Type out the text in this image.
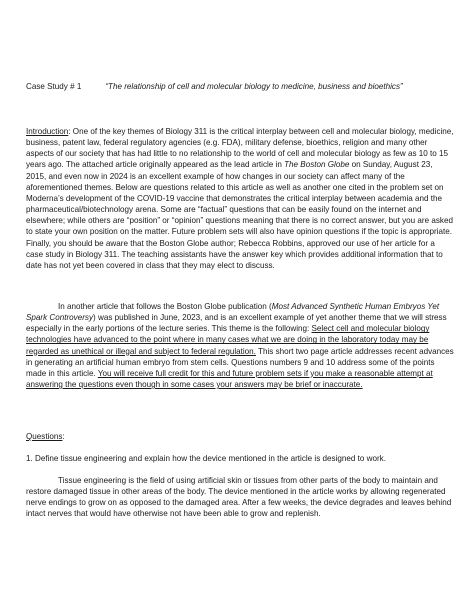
Case Study # 1	“The relationship of cell and molecular biology to medicine, business and bioethics”

Introduction: One of the key themes of Biology 311 is the critical interplay between cell and molecular biology, medicine, business, patent law, federal regulatory agencies (e.g. FDA), military defense, bioethics, religion and many other aspects of our society that has had little to no relationship to the world of cell and molecular biology as few as 10 to 15 years ago. The attached article originally appeared as the lead article in The Boston Globe on Sunday, August 23, 2015, and even now in 2024 is an excellent example of how changes in our society can affect many of the aforementioned themes. Below are questions related to this article as well as another one cited in the problem set on Moderna’s development of the COVID-19 vaccine that demonstrates the critical interplay between academia and the pharmaceutical/biotechnology arena. Some are “factual” questions that can be easily found on the internet and elsewhere; while others are “position” or “opinion” questions meaning that there is no correct answer, but you are asked to state your own position on the matter. Future problem sets will also have opinion questions if the topic is appropriate. Finally, you should be aware that the Boston Globe author; Rebecca Robbins, approved our use of her article for a case study in Biology 311. The teaching assistants have the answer key which provides additional information that to date has not yet been covered in class that they may elect to discuss.

In another article that follows the Boston Globe publication (Most Advanced Synthetic Human Embryos Yet Spark Controversy) was published in June, 2023, and is an excellent example of yet another theme that we will stress especially in the early portions of the lecture series. This theme is the following: Select cell and molecular biology technologies have advanced to the point where in many cases what we are doing in the laboratory today may be regarded as unethical or illegal and subject to federal regulation. This short two page article addresses recent advances in generating an artificial human embryo from stem cells. Questions numbers 9 and 10 address some of the points made in this article. You will receive full credit for this and future problem sets if you make a reasonable attempt at answering the questions even though in some cases your answers may be brief or inaccurate.

Questions:

1. Define tissue engineering and explain how the device mentioned in the article is designed to work.

Tissue engineering is the field of using artificial skin or tissues from other parts of the body to maintain and restore damaged tissue in other areas of the body. The device mentioned in the article works by allowing regenerated nerve endings to grow on as opposed to the damaged area. After a few weeks, the device degrades and leaves behind intact nerves that would have otherwise not have been able to grow and replenish.
